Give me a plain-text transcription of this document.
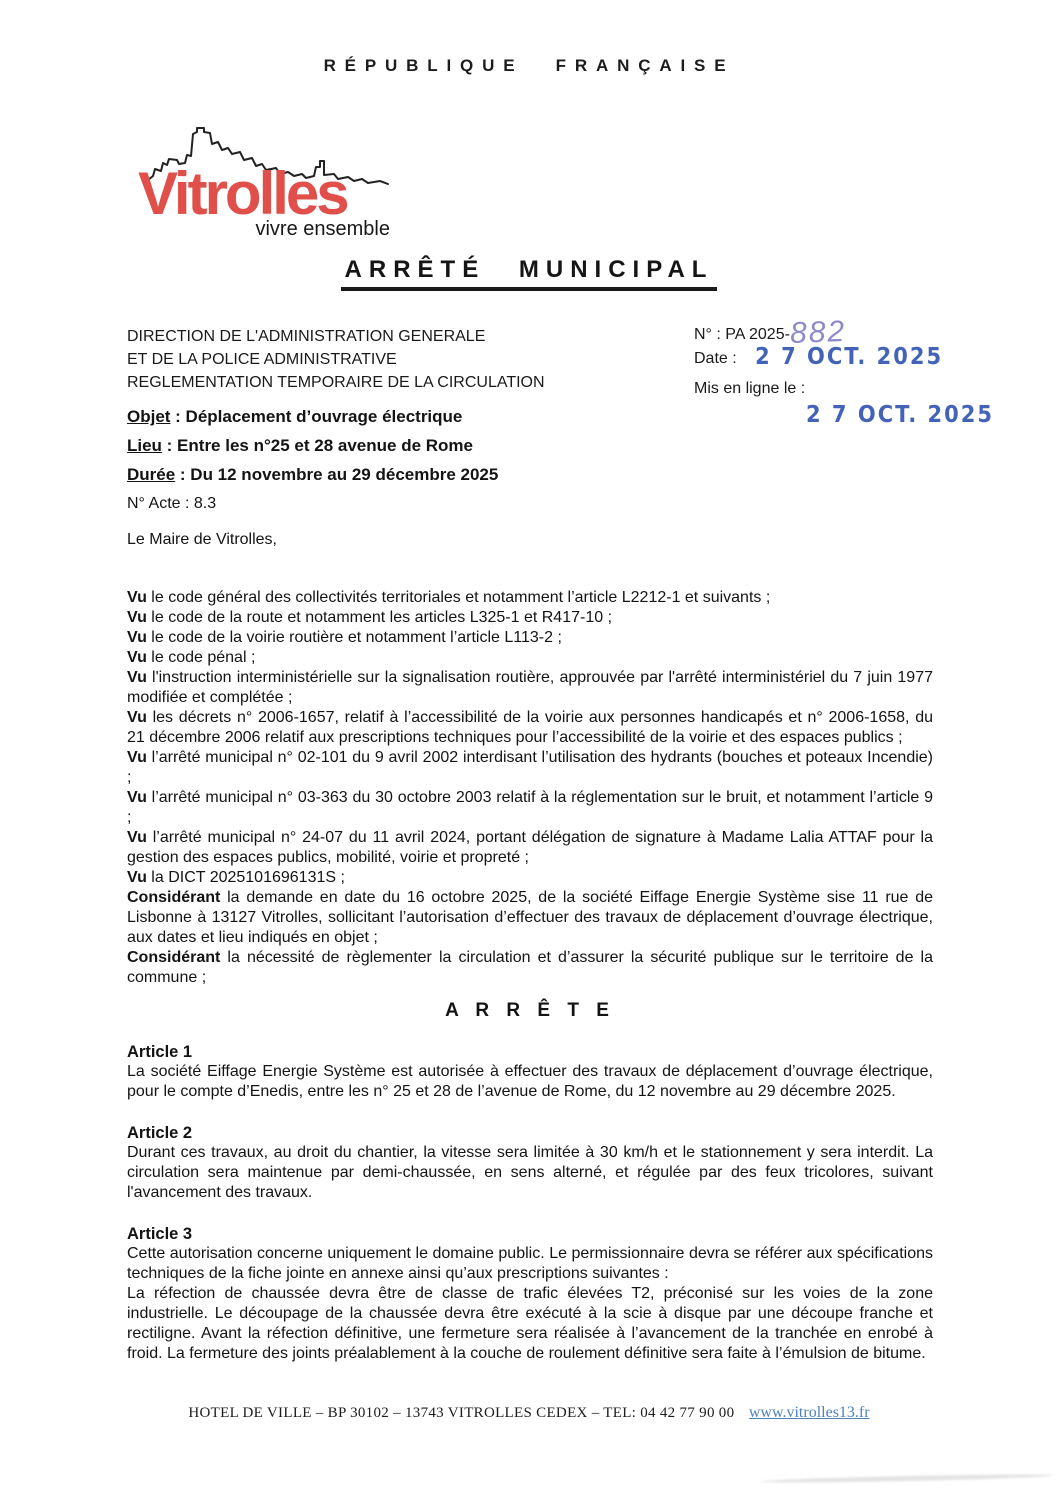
RÉPUBLIQUE FRANÇAISE
Vitrolles
vivre ensemble
ARRÊTÉ MUNICIPAL
DIRECTION DE L'ADMINISTRATION GENERALE
ET DE LA POLICE ADMINISTRATIVE
REGLEMENTATION TEMPORAIRE DE LA CIRCULATION
N° : PA 2025-882
Date : 2 7 OCT. 2025
Mis en ligne le :
2 7 OCT. 2025
Objet : Déplacement d’ouvrage électrique
Lieu : Entre les n°25 et 28 avenue de Rome
Durée : Du 12 novembre au 29 décembre 2025
N° Acte : 8.3
Le Maire de Vitrolles,
Vu le code général des collectivités territoriales et notamment l’article L2212-1 et suivants ;
Vu le code de la route et notamment les articles L325-1 et R417-10 ;
Vu le code de la voirie routière et notamment l’article L113-2 ;
Vu le code pénal ;
Vu l'instruction interministérielle sur la signalisation routière, approuvée par l'arrêté interministériel du 7 juin 1977 modifiée et complétée ;
Vu les décrets n° 2006-1657, relatif à l’accessibilité de la voirie aux personnes handicapés et n° 2006-1658, du 21 décembre 2006 relatif aux prescriptions techniques pour l’accessibilité de la voirie et des espaces publics ;
Vu l’arrêté municipal n° 02-101 du 9 avril 2002 interdisant l’utilisation des hydrants (bouches et poteaux Incendie) ;
Vu l’arrêté municipal n° 03-363 du 30 octobre 2003 relatif à la réglementation sur le bruit, et notamment l’article 9 ;
Vu l’arrêté municipal n° 24-07 du 11 avril 2024, portant délégation de signature à Madame Lalia ATTAF pour la gestion des espaces publics, mobilité, voirie et propreté ;
Vu la DICT 2025101696131S ;
Considérant la demande en date du 16 octobre 2025, de la société Eiffage Energie Système sise 11 rue de Lisbonne à 13127 Vitrolles, sollicitant l’autorisation d’effectuer des travaux de déplacement d’ouvrage électrique, aux dates et lieu indiqués en objet ;
Considérant la nécessité de règlementer la circulation et d’assurer la sécurité publique sur le territoire de la commune ;
A R R Ê T E
Article 1

La société Eiffage Energie Système est autorisée à effectuer des travaux de déplacement d’ouvrage électrique, pour le compte d’Enedis, entre les n° 25 et 28 de l’avenue de Rome, du 12 novembre au 29 décembre 2025.

Article 2

Durant ces travaux, au droit du chantier, la vitesse sera limitée à 30 km/h et le stationnement y sera interdit. La circulation sera maintenue par demi-chaussée, en sens alterné, et régulée par des feux tricolores, suivant l'avancement des travaux.

Article 3

Cette autorisation concerne uniquement le domaine public. Le permissionnaire devra se référer aux spécifications techniques de la fiche jointe en annexe ainsi qu’aux prescriptions suivantes :

La réfection de chaussée devra être de classe de trafic élevées T2, préconisé sur les voies de la zone industrielle. Le découpage de la chaussée devra être exécuté à la scie à disque par une découpe franche et rectiligne. Avant la réfection définitive, une fermeture sera réalisée à l’avancement de la tranchée en enrobé à froid. La fermeture des joints préalablement à la couche de roulement définitive sera faite à l’émulsion de bitume.

HOTEL DE VILLE – BP 30102 – 13743 VITROLLES CEDEX – TEL: 04 42 77 90 00 www.vitrolles13.fr
